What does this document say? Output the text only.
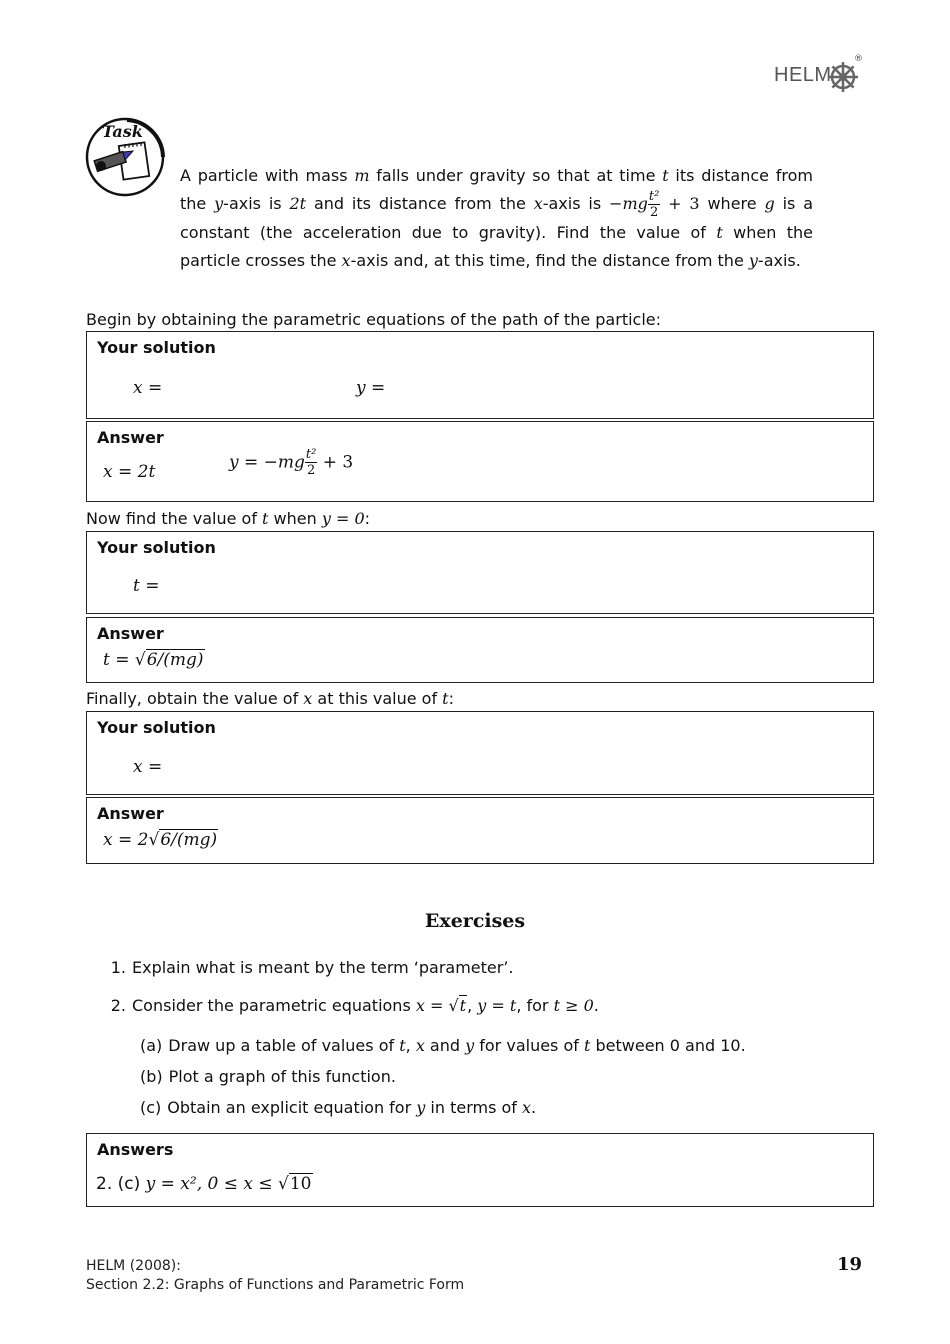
HELM
®
Task
A particle with mass m falls under gravity so that at time t its distance from the y-axis is 2t and its distance from the x-axis is $-mg \frac{\text{t²}}{2} + 3$ where g is a constant (the acceleration due to gravity). Find the value of t when the particle crosses the x-axis and, at this time, find the distance from the y-axis.
Begin by obtaining the parametric equations of the path of the particle:
Your solution
x =	y =
Answer
x = 2t	$y = -mg \frac{\text{t²}}{2} + 3$
Now find the value of t when y = 0:
Your solution
t =
Answer
t = √6/(mg)
Finally, obtain the value of x at this value of t:
Your solution
x =
Answer
x = 2√6/(mg)
Exercises
1. Explain what is meant by the term ‘parameter’.
2. Consider the parametric equations x = √t, y = t, for t ≥ 0.
(a) Draw up a table of values of t, x and y for values of t between 0 and 10.
(b) Plot a graph of this function.
(c) Obtain an explicit equation for y in terms of x.
Answers
2. (c) y = x², 0 ≤ x ≤ √10
HELM (2008):
Section 2.2: Graphs of Functions and Parametric Form
19
